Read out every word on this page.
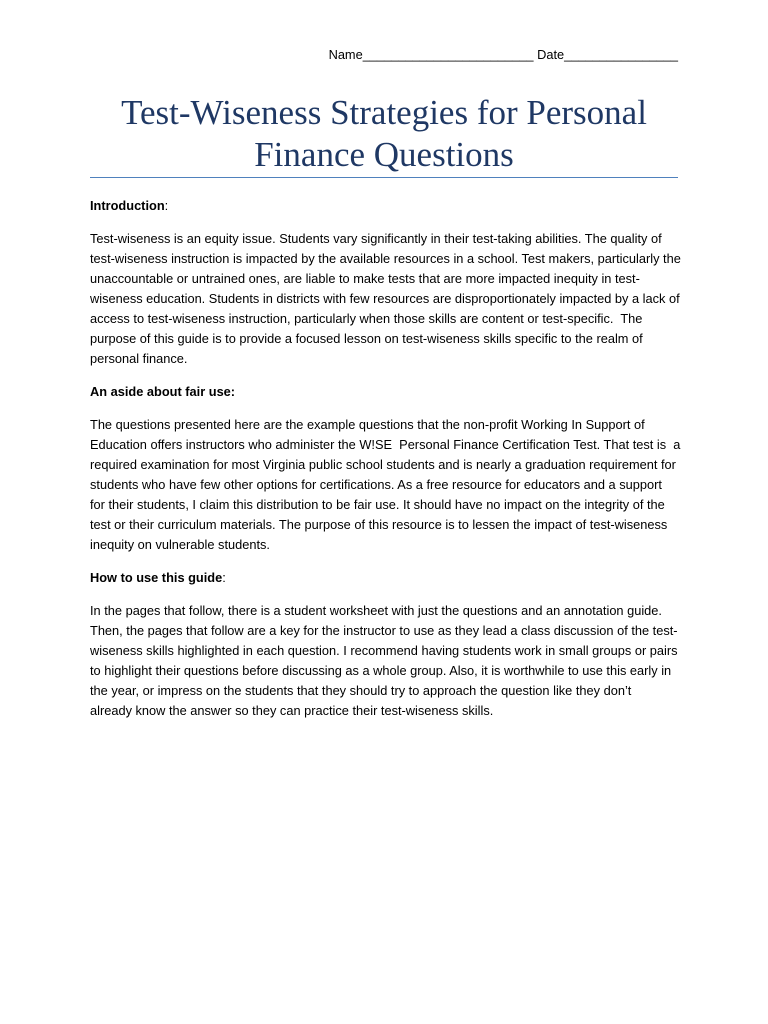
Name________________________ Date________________
Test-Wiseness Strategies for Personal Finance Questions
Introduction:
Test-wiseness is an equity issue. Students vary significantly in their test-taking abilities. The quality of
test-wiseness instruction is impacted by the available resources in a school. Test makers, particularly the
unaccountable or untrained ones, are liable to make tests that are more impacted inequity in test-
wiseness education. Students in districts with few resources are disproportionately impacted by a lack of
access to test-wiseness instruction, particularly when those skills are content or test-specific.  The
purpose of this guide is to provide a focused lesson on test-wiseness skills specific to the realm of
personal finance.
An aside about fair use:
The questions presented here are the example questions that the non-profit Working In Support of
Education offers instructors who administer the W!SE  Personal Finance Certification Test. That test is  a
required examination for most Virginia public school students and is nearly a graduation requirement for
students who have few other options for certifications. As a free resource for educators and a support
for their students, I claim this distribution to be fair use. It should have no impact on the integrity of the
test or their curriculum materials. The purpose of this resource is to lessen the impact of test-wiseness
inequity on vulnerable students.
How to use this guide:
In the pages that follow, there is a student worksheet with just the questions and an annotation guide.
Then, the pages that follow are a key for the instructor to use as they lead a class discussion of the test-
wiseness skills highlighted in each question. I recommend having students work in small groups or pairs
to highlight their questions before discussing as a whole group. Also, it is worthwhile to use this early in
the year, or impress on the students that they should try to approach the question like they don’t
already know the answer so they can practice their test-wiseness skills.
